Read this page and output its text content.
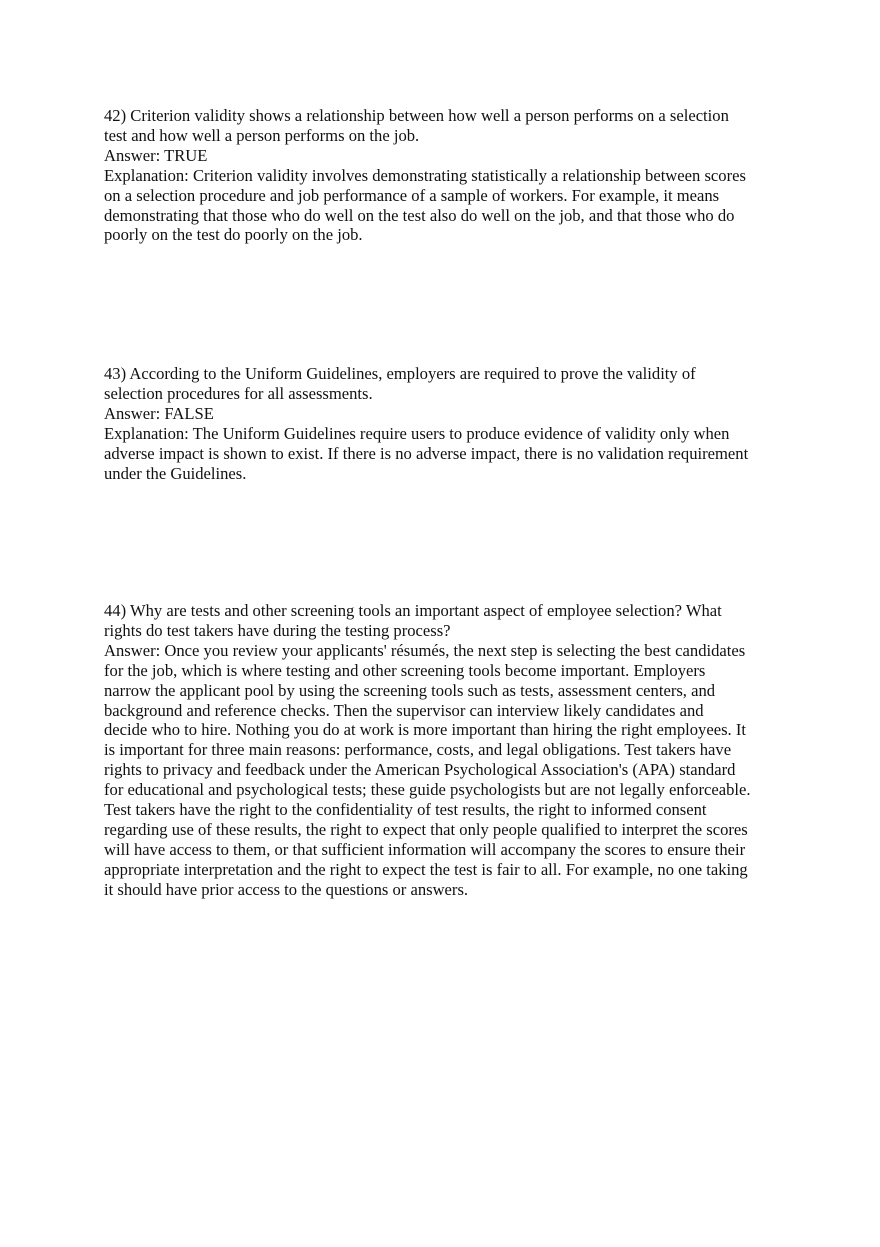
42) Criterion validity shows a relationship between how well a person performs on a selection

test and how well a person performs on the job.

Answer: TRUE

Explanation: Criterion validity involves demonstrating statistically a relationship between scores

on a selection procedure and job performance of a sample of workers. For example, it means

demonstrating that those who do well on the test also do well on the job, and that those who do

poorly on the test do poorly on the job.

43) According to the Uniform Guidelines, employers are required to prove the validity of

selection procedures for all assessments.

Answer: FALSE

Explanation: The Uniform Guidelines require users to produce evidence of validity only when

adverse impact is shown to exist. If there is no adverse impact, there is no validation requirement

under the Guidelines.

44) Why are tests and other screening tools an important aspect of employee selection? What

rights do test takers have during the testing process?

Answer: Once you review your applicants' résumés, the next step is selecting the best candidates

for the job, which is where testing and other screening tools become important. Employers

narrow the applicant pool by using the screening tools such as tests, assessment centers, and

background and reference checks. Then the supervisor can interview likely candidates and

decide who to hire. Nothing you do at work is more important than hiring the right employees. It

is important for three main reasons: performance, costs, and legal obligations. Test takers have

rights to privacy and feedback under the American Psychological Association's (APA) standard

for educational and psychological tests; these guide psychologists but are not legally enforceable.

Test takers have the right to the confidentiality of test results, the right to informed consent

regarding use of these results, the right to expect that only people qualified to interpret the scores

will have access to them, or that sufficient information will accompany the scores to ensure their

appropriate interpretation and the right to expect the test is fair to all. For example, no one taking

it should have prior access to the questions or answers.
